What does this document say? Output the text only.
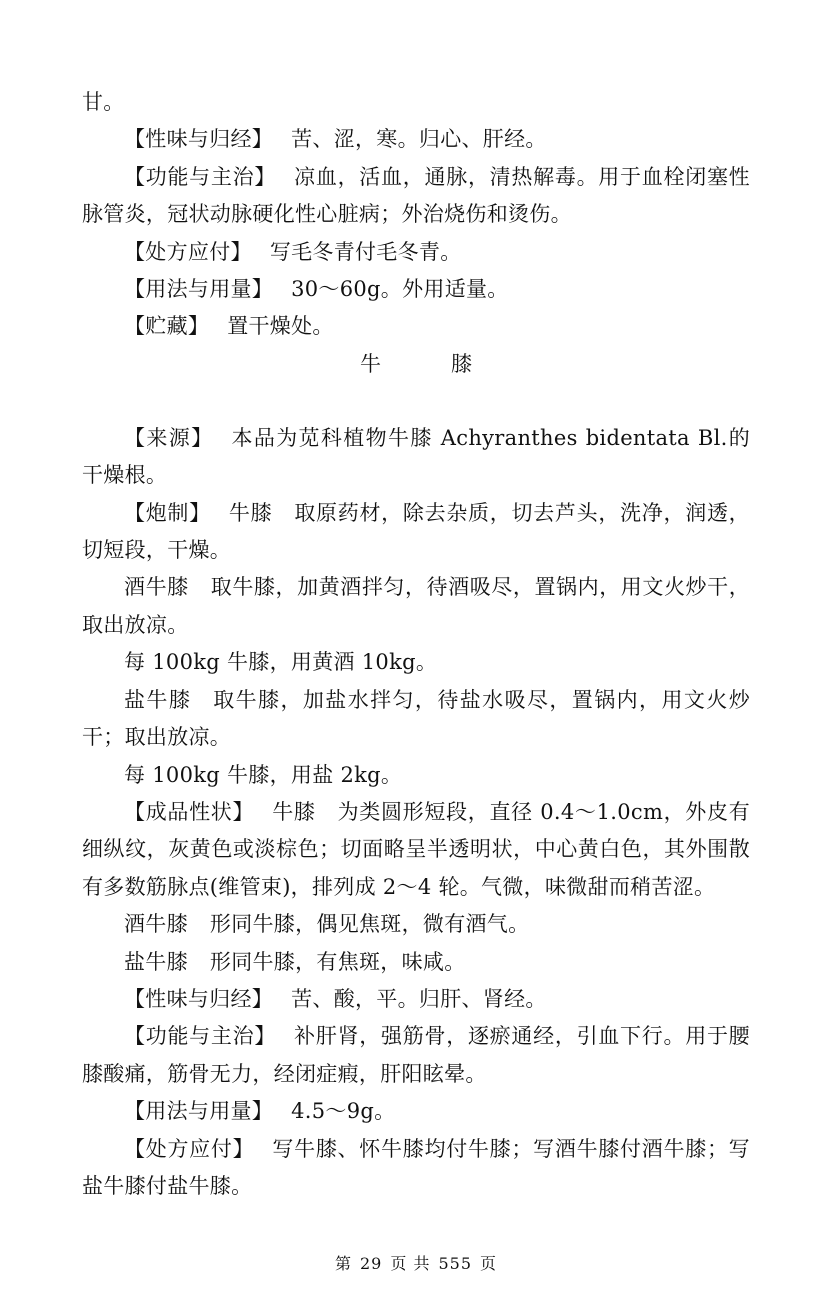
甘。

【性味与归经】 苦、涩，寒。归心、肝经。

【功能与主治】 凉血，活血，通脉，清热解毒。用于血栓闭塞性脉管炎，冠状动脉硬化性心脏病；外治烧伤和烫伤。

【处方应付】 写毛冬青付毛冬青。

【用法与用量】 30～60g。外用适量。

【贮藏】 置干燥处。

牛	膝

【来源】 本品为苋科植物牛膝 Achyranthes bidentata Bl.的干燥根。

【炮制】 牛膝 取原药材，除去杂质，切去芦头，洗净，润透，切短段，干燥。

酒牛膝 取牛膝，加黄酒拌匀，待酒吸尽，置锅内，用文火炒干，取出放凉。

每 100kg 牛膝，用黄酒 10kg。

盐牛膝 取牛膝，加盐水拌匀，待盐水吸尽，置锅内，用文火炒干；取出放凉。

每 100kg 牛膝，用盐 2kg。

【成品性状】 牛膝 为类圆形短段，直径 0.4～1.0cm，外皮有细纵纹，灰黄色或淡棕色；切面略呈半透明状，中心黄白色，其外围散有多数筋脉点(维管束)，排列成 2～4 轮。气微，味微甜而稍苦涩。

酒牛膝 形同牛膝，偶见焦斑，微有酒气。

盐牛膝 形同牛膝，有焦斑，味咸。

【性味与归经】 苦、酸，平。归肝、肾经。

【功能与主治】 补肝肾，强筋骨，逐瘀通经，引血下行。用于腰膝酸痛，筋骨无力，经闭症瘕，肝阳眩晕。

【用法与用量】 4.5～9g。

【处方应付】 写牛膝、怀牛膝均付牛膝；写酒牛膝付酒牛膝；写盐牛膝付盐牛膝。

第 29 页 共 555 页
